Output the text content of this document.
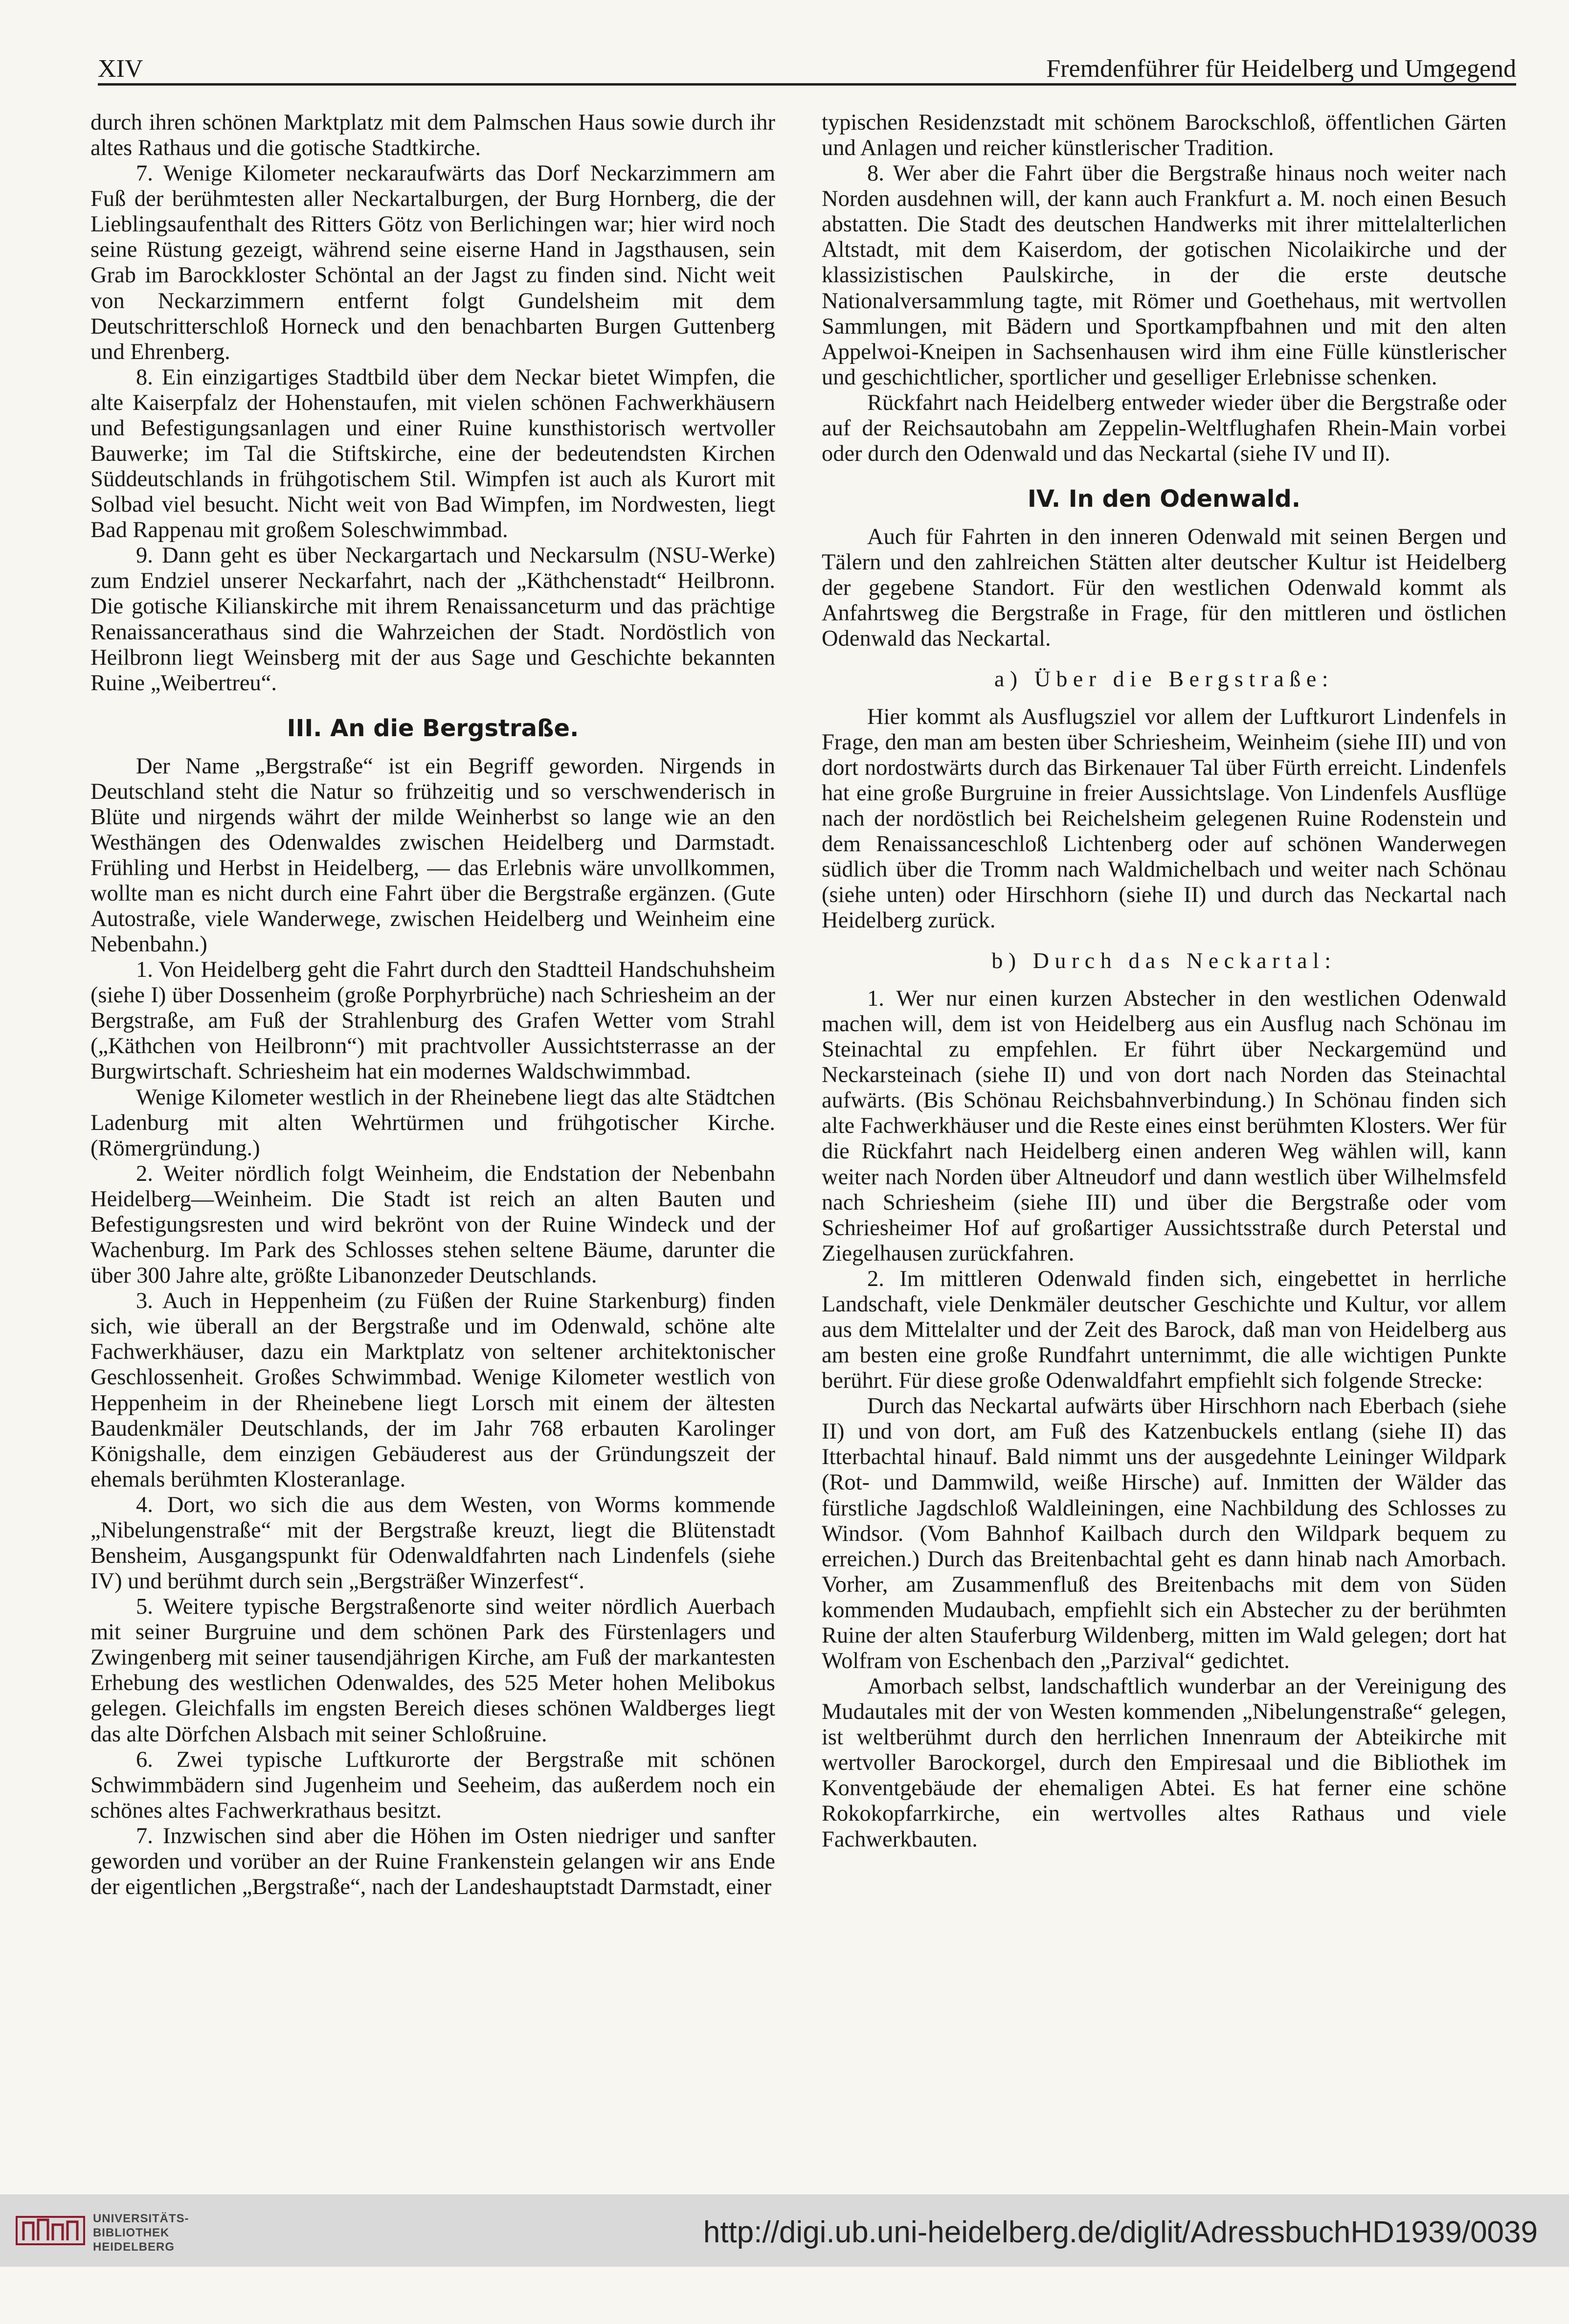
XIV	Fremdenführer für Heidelberg und Umgegend

durch ihren schönen Marktplatz mit dem Palmschen Haus sowie durch ihr altes Rathaus und die gotische Stadtkirche.

7. Wenige Kilometer neckaraufwärts das Dorf Neckarzimmern am Fuß der berühmtesten aller Neckartalburgen, der Burg Hornberg, die der Lieblingsaufenthalt des Ritters Götz von Berlichingen war; hier wird noch seine Rüstung gezeigt, während seine eiserne Hand in Jagsthausen, sein Grab im Barockkloster Schöntal an der Jagst zu finden sind. Nicht weit von Neckarzimmern entfernt folgt Gundelsheim mit dem Deutschritterschloß Horneck und den benachbarten Burgen Guttenberg und Ehrenberg.

8. Ein einzigartiges Stadtbild über dem Neckar bietet Wimpfen, die alte Kaiserpfalz der Hohenstaufen, mit vielen schönen Fachwerkhäusern und Befestigungsanlagen und einer Ruine kunsthistorisch wertvoller Bauwerke; im Tal die Stiftskirche, eine der bedeutendsten Kirchen Süddeutschlands in frühgotischem Stil. Wimpfen ist auch als Kurort mit Solbad viel besucht. Nicht weit von Bad Wimpfen, im Nordwesten, liegt Bad Rappenau mit großem Soleschwimmbad.

9. Dann geht es über Neckargartach und Neckarsulm (NSU-Werke) zum Endziel unserer Neckarfahrt, nach der „Käthchenstadt“ Heilbronn. Die gotische Kilianskirche mit ihrem Renaissanceturm und das prächtige Renaissancerathaus sind die Wahrzeichen der Stadt. Nordöstlich von Heilbronn liegt Weinsberg mit der aus Sage und Geschichte bekannten Ruine „Weibertreu“.

III. An die Bergstraße.

Der Name „Bergstraße“ ist ein Begriff geworden. Nirgends in Deutschland steht die Natur so frühzeitig und so verschwenderisch in Blüte und nirgends währt der milde Weinherbst so lange wie an den Westhängen des Odenwaldes zwischen Heidelberg und Darmstadt. Frühling und Herbst in Heidelberg, — das Erlebnis wäre unvollkommen, wollte man es nicht durch eine Fahrt über die Bergstraße ergänzen. (Gute Autostraße, viele Wanderwege, zwischen Heidelberg und Weinheim eine Nebenbahn.)

1. Von Heidelberg geht die Fahrt durch den Stadtteil Handschuhsheim (siehe I) über Dossenheim (große Porphyrbrüche) nach Schriesheim an der Bergstraße, am Fuß der Strahlenburg des Grafen Wetter vom Strahl („Käthchen von Heilbronn“) mit prachtvoller Aussichtsterrasse an der Burgwirtschaft. Schriesheim hat ein modernes Waldschwimmbad.

Wenige Kilometer westlich in der Rheinebene liegt das alte Städtchen Ladenburg mit alten Wehrtürmen und frühgotischer Kirche. (Römergründung.)

2. Weiter nördlich folgt Weinheim, die Endstation der Nebenbahn Heidelberg—Weinheim. Die Stadt ist reich an alten Bauten und Befestigungsresten und wird bekrönt von der Ruine Windeck und der Wachenburg. Im Park des Schlosses stehen seltene Bäume, darunter die über 300 Jahre alte, größte Libanonzeder Deutschlands.

3. Auch in Heppenheim (zu Füßen der Ruine Starkenburg) finden sich, wie überall an der Bergstraße und im Odenwald, schöne alte Fachwerkhäuser, dazu ein Marktplatz von seltener architektonischer Geschlossenheit. Großes Schwimmbad. Wenige Kilometer westlich von Heppenheim in der Rheinebene liegt Lorsch mit einem der ältesten Baudenkmäler Deutschlands, der im Jahr 768 erbauten Karolinger Königshalle, dem einzigen Gebäuderest aus der Gründungszeit der ehemals berühmten Klosteranlage.

4. Dort, wo sich die aus dem Westen, von Worms kommende „Nibelungenstraße“ mit der Bergstraße kreuzt, liegt die Blütenstadt Bensheim, Ausgangspunkt für Odenwaldfahrten nach Lindenfels (siehe IV) und berühmt durch sein „Bergsträßer Winzerfest“.

5. Weitere typische Bergstraßenorte sind weiter nördlich Auerbach mit seiner Burgruine und dem schönen Park des Fürstenlagers und Zwingenberg mit seiner tausendjährigen Kirche, am Fuß der markantesten Erhebung des westlichen Odenwaldes, des 525 Meter hohen Melibokus gelegen. Gleichfalls im engsten Bereich dieses schönen Waldberges liegt das alte Dörfchen Alsbach mit seiner Schloßruine.

6. Zwei typische Luftkurorte der Bergstraße mit schönen Schwimmbädern sind Jugenheim und Seeheim, das außerdem noch ein schönes altes Fachwerkrathaus besitzt.

7. Inzwischen sind aber die Höhen im Osten niedriger und sanfter geworden und vorüber an der Ruine Frankenstein gelangen wir ans Ende der eigentlichen „Bergstraße“, nach der Landeshauptstadt Darmstadt, einer

typischen Residenzstadt mit schönem Barockschloß, öffentlichen Gärten und Anlagen und reicher künstlerischer Tradition.

8. Wer aber die Fahrt über die Bergstraße hinaus noch weiter nach Norden ausdehnen will, der kann auch Frankfurt a. M. noch einen Besuch abstatten. Die Stadt des deutschen Handwerks mit ihrer mittelalterlichen Altstadt, mit dem Kaiserdom, der gotischen Nicolaikirche und der klassizistischen Paulskirche, in der die erste deutsche Nationalversammlung tagte, mit Römer und Goethehaus, mit wertvollen Sammlungen, mit Bädern und Sportkampfbahnen und mit den alten Appelwoi-Kneipen in Sachsenhausen wird ihm eine Fülle künstlerischer und geschichtlicher, sportlicher und geselliger Erlebnisse schenken.

Rückfahrt nach Heidelberg entweder wieder über die Bergstraße oder auf der Reichsautobahn am Zeppelin-Weltflughafen Rhein-Main vorbei oder durch den Odenwald und das Neckartal (siehe IV und II).

IV. In den Odenwald.

Auch für Fahrten in den inneren Odenwald mit seinen Bergen und Tälern und den zahlreichen Stätten alter deutscher Kultur ist Heidelberg der gegebene Standort. Für den westlichen Odenwald kommt als Anfahrtsweg die Bergstraße in Frage, für den mittleren und östlichen Odenwald das Neckartal.

a) Über die Bergstraße:

Hier kommt als Ausflugsziel vor allem der Luftkurort Lindenfels in Frage, den man am besten über Schriesheim, Weinheim (siehe III) und von dort nordostwärts durch das Birkenauer Tal über Fürth erreicht. Lindenfels hat eine große Burgruine in freier Aussichtslage. Von Lindenfels Ausflüge nach der nordöstlich bei Reichelsheim gelegenen Ruine Rodenstein und dem Renaissanceschloß Lichtenberg oder auf schönen Wanderwegen südlich über die Tromm nach Waldmichelbach und weiter nach Schönau (siehe unten) oder Hirschhorn (siehe II) und durch das Neckartal nach Heidelberg zurück.

b) Durch das Neckartal:

1. Wer nur einen kurzen Abstecher in den westlichen Odenwald machen will, dem ist von Heidelberg aus ein Ausflug nach Schönau im Steinachtal zu empfehlen. Er führt über Neckargemünd und Neckarsteinach (siehe II) und von dort nach Norden das Steinachtal aufwärts. (Bis Schönau Reichsbahnverbindung.) In Schönau finden sich alte Fachwerkhäuser und die Reste eines einst berühmten Klosters. Wer für die Rückfahrt nach Heidelberg einen anderen Weg wählen will, kann weiter nach Norden über Altneudorf und dann westlich über Wilhelmsfeld nach Schriesheim (siehe III) und über die Bergstraße oder vom Schriesheimer Hof auf großartiger Aussichtsstraße durch Peterstal und Ziegelhausen zurückfahren.

2. Im mittleren Odenwald finden sich, eingebettet in herrliche Landschaft, viele Denkmäler deutscher Geschichte und Kultur, vor allem aus dem Mittelalter und der Zeit des Barock, daß man von Heidelberg aus am besten eine große Rundfahrt unternimmt, die alle wichtigen Punkte berührt. Für diese große Odenwaldfahrt empfiehlt sich folgende Strecke:

Durch das Neckartal aufwärts über Hirschhorn nach Eberbach (siehe II) und von dort, am Fuß des Katzenbuckels entlang (siehe II) das Itterbachtal hinauf. Bald nimmt uns der ausgedehnte Leininger Wildpark (Rot- und Dammwild, weiße Hirsche) auf. Inmitten der Wälder das fürstliche Jagdschloß Waldleiningen, eine Nachbildung des Schlosses zu Windsor. (Vom Bahnhof Kailbach durch den Wildpark bequem zu erreichen.) Durch das Breitenbachtal geht es dann hinab nach Amorbach. Vorher, am Zusammenfluß des Breitenbachs mit dem von Süden kommenden Mudaubach, empfiehlt sich ein Abstecher zu der berühmten Ruine der alten Stauferburg Wildenberg, mitten im Wald gelegen; dort hat Wolfram von Eschenbach den „Parzival“ gedichtet.

Amorbach selbst, landschaftlich wunderbar an der Vereinigung des Mudautales mit der von Westen kommenden „Nibelungenstraße“ gelegen, ist weltberühmt durch den herrlichen Innenraum der Abteikirche mit wertvoller Barockorgel, durch den Empiresaal und die Bibliothek im Konventgebäude der ehemaligen Abtei. Es hat ferner eine schöne Rokokopfarrkirche, ein wertvolles altes Rathaus und viele Fachwerkbauten.

UNIVERSITÄTS-
BIBLIOTHEK
HEIDELBERG	http://digi.ub.uni-heidelberg.de/diglit/AdressbuchHD1939/0039
